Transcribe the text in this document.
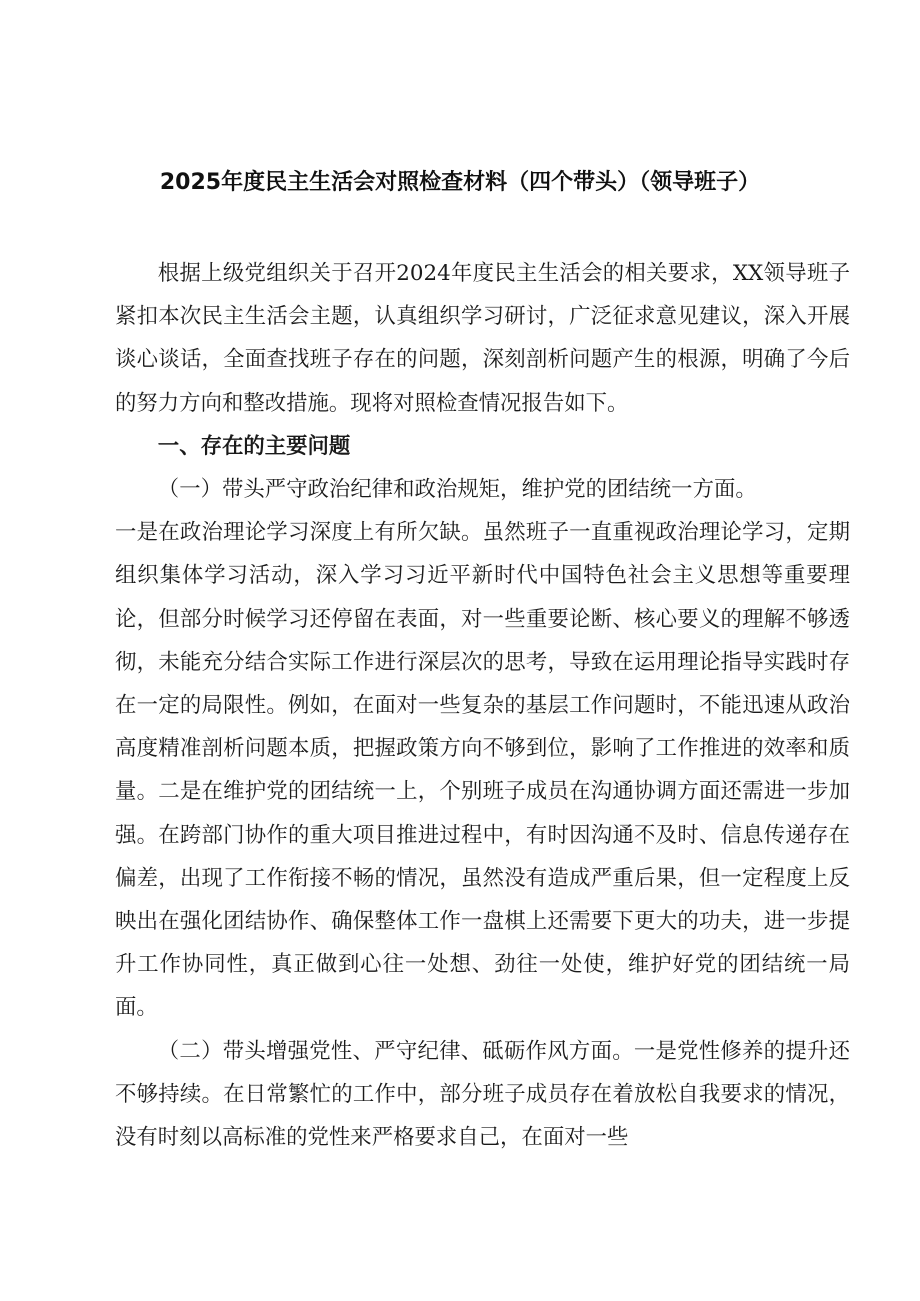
2025年度民主生活会对照检查材料（四个带头）（领导班子）

根据上级党组织关于召开2024年度民主生活会的相关要求，XX领导班子紧扣本次民主生活会主题，认真组织学习研讨，广泛征求意见建议，深入开展谈心谈话，全面查找班子存在的问题，深刻剖析问题产生的根源，明确了今后的努力方向和整改措施。现将对照检查情况报告如下。

一、存在的主要问题

（一）带头严守政治纪律和政治规矩，维护党的团结统一方面。

一是在政治理论学习深度上有所欠缺。虽然班子一直重视政治理论学习，定期组织集体学习活动，深入学习习近平新时代中国特色社会主义思想等重要理论，但部分时候学习还停留在表面，对一些重要论断、核心要义的理解不够透彻，未能充分结合实际工作进行深层次的思考，导致在运用理论指导实践时存在一定的局限性。例如，在面对一些复杂的基层工作问题时，不能迅速从政治高度精准剖析问题本质，把握政策方向不够到位，影响了工作推进的效率和质量。二是在维护党的团结统一上，个别班子成员在沟通协调方面还需进一步加强。在跨部门协作的重大项目推进过程中，有时因沟通不及时、信息传递存在偏差，出现了工作衔接不畅的情况，虽然没有造成严重后果，但一定程度上反映出在强化团结协作、确保整体工作一盘棋上还需要下更大的功夫，进一步提升工作协同性，真正做到心往一处想、劲往一处使，维护好党的团结统一局面。

（二）带头增强党性、严守纪律、砥砺作风方面。一是党性修养的提升还不够持续。在日常繁忙的工作中，部分班子成员存在着放松自我要求的情况，没有时刻以高标准的党性来严格要求自己，在面对一些
